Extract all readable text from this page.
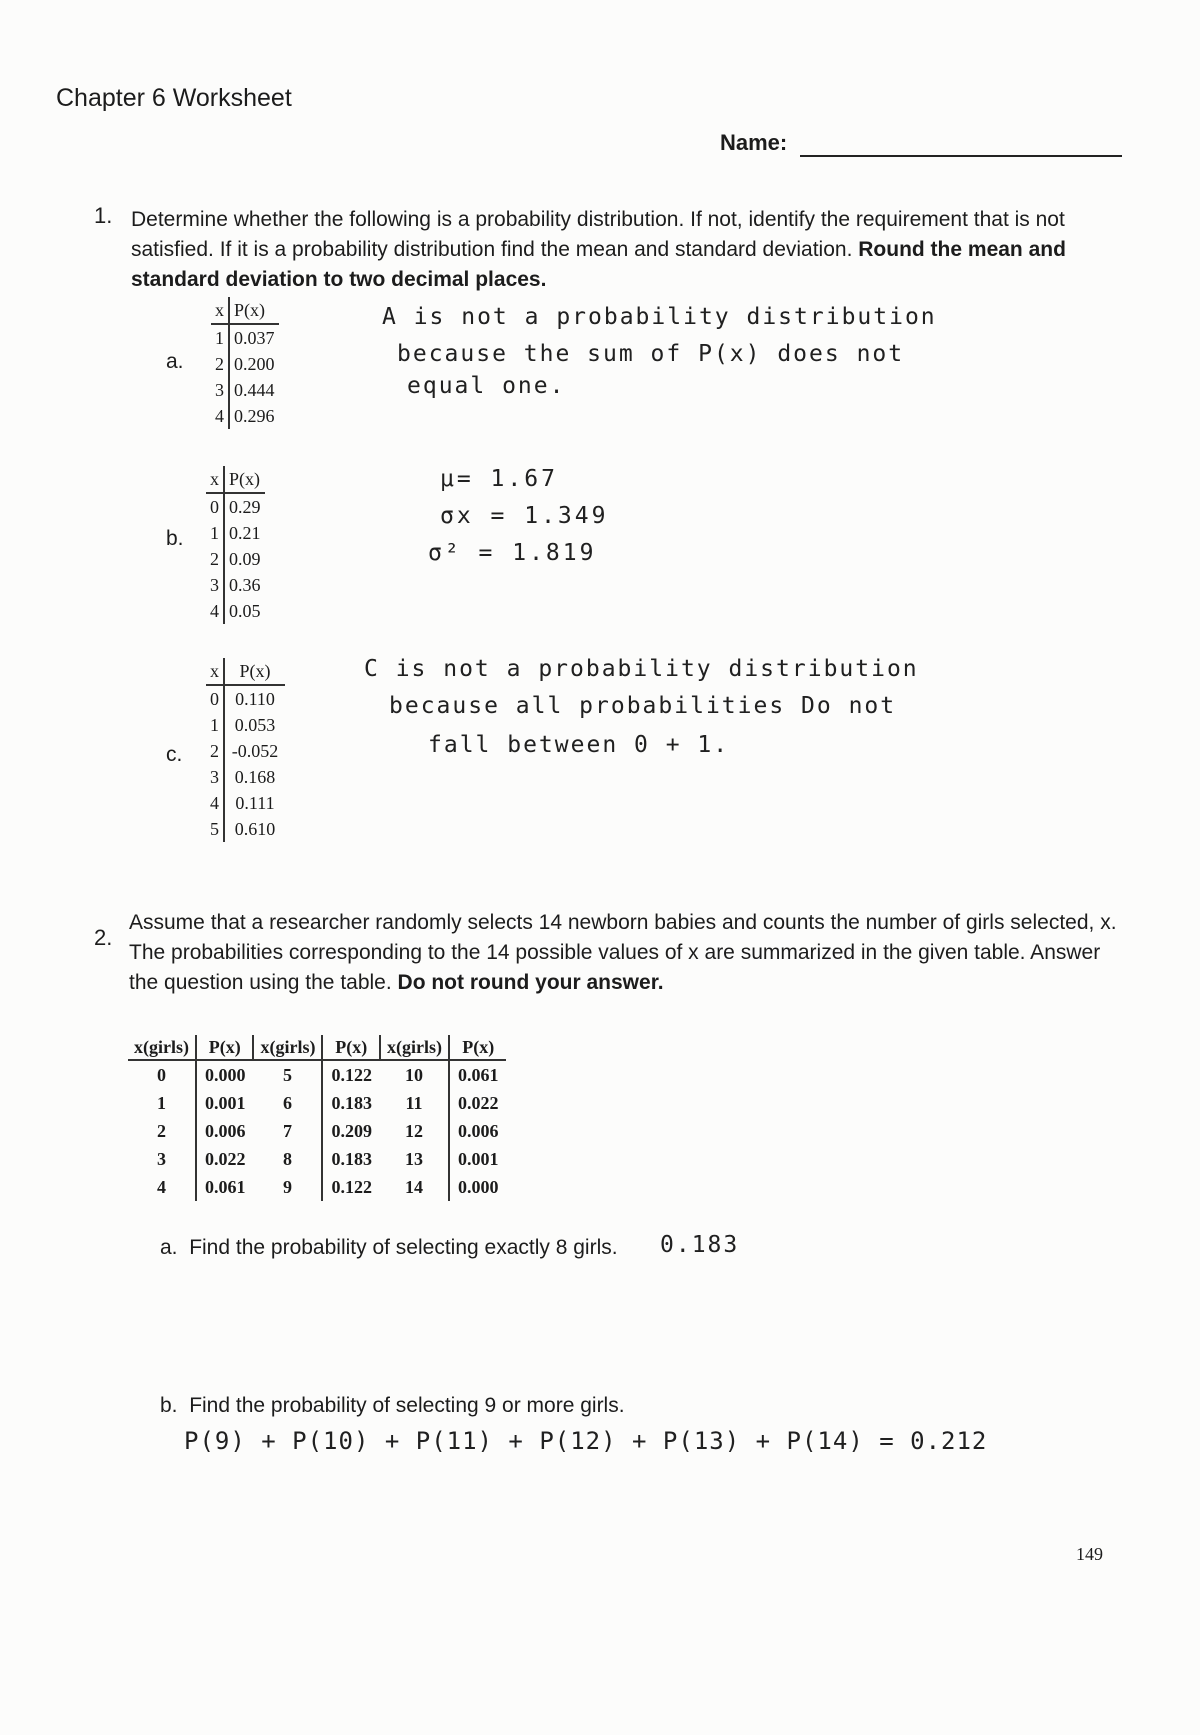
Chapter 6 Worksheet
Name:
1. Determine whether the following is a probability distribution. If not, identify the requirement that is not satisfied. If it is a probability distribution find the mean and standard deviation. Round the mean and standard deviation to two decimal places.
a.
x	P(x)
1	0.037
2	0.200
3	0.444
4	0.296
A is not a probability distribution
because the sum of P(x) does not
equal one.
b.
x	P(x)
0	0.29
1	0.21
2	0.09
3	0.36
4	0.05
μ= 1.67
σx = 1.349
σ² = 1.819
c.
x	P(x)
0	0.110
1	0.053
2	-0.052
3	0.168
4	0.111
5	0.610
C is not a probability distribution
because all probabilities Do not
fall between 0 + 1.
2.
Assume that a researcher randomly selects 14 newborn babies and counts the number of girls selected, x. The probabilities corresponding to the 14 possible values of x are summarized in the given table. Answer the question using the table. Do not round your answer.
x(girls)	P(x)	x(girls)	P(x)	x(girls)	P(x)
0	0.000	5	0.122	10	0.061
1	0.001	6	0.183	11	0.022
2	0.006	7	0.209	12	0.006
3	0.022	8	0.183	13	0.001
4	0.061	9	0.122	14	0.000
a. Find the probability of selecting exactly 8 girls. 0.183
b. Find the probability of selecting 9 or more girls.
P(9) + P(10) + P(11) + P(12) + P(13) + P(14) = 0.212
149
